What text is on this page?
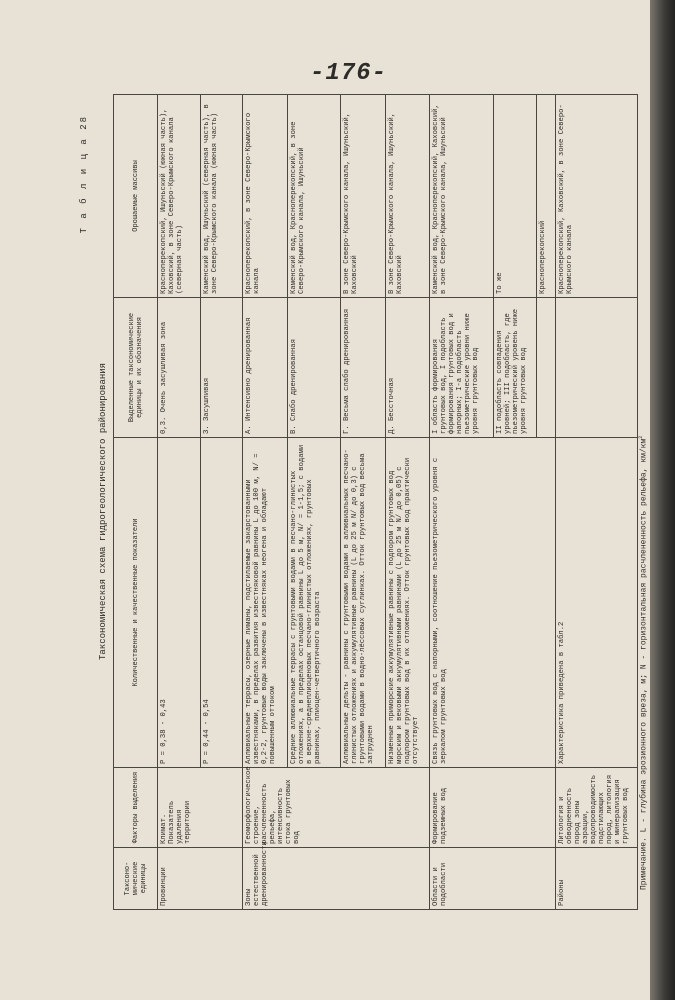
-176-
Т а б л и ц а 28
Таксономическая схема гидрогеологического районирования
Таксоно-мические единицы	Факторы выделения	Количественные и качественные показатели	Выделенные таксономические единицы и их обозначения	Орошаемые массивы
Провинции	Климат. Показатель удаления территории	P = 0,38 - 0,43	0,3. Очень засушливая зона	Красноперекопский, Ишуньский (южная часть), Каховский, в зоне Северо-Крымского канала (северная часть)
		P = 0,44 - 0,54	З. Засушливая	Каменский вод, Ишуньский (северная часть), в зоне Северо-Крымского канала (южная часть)
Зоны естественной дренированности	Геоморфологическое строение, расчлененность рельефа, интенсивность стока грунтовых вод	Аллювиальные террасы, озерные лиманы, подстилаемые закарстованными известняками, в пределах развития известняковой равнины L до 100 м, N/ = 0,2-2, грунтовые воды заключены в известняках неогена и обладают повышенным оттоком	А. Интенсивно дренированная	Красноперекопский, в зоне Северо-Крымского канала
		Средние аллювиальные террасы с грунтовыми водами в песчано-глинистых отложениях, а в пределах останцовой равнины L до 5 м, N/ = 1-1,5; с водами в верхне-среднеплиоценовых песчано-глинистых отложениях, грунтовых равнинах, плиоцен-четвертичного возраста	В. Слабо дренированная	Каменский вод, Красноперекопский, в зоне Северо-Крымского канала, Ишуньский
		Аллювиальные дельты - равнины с грунтовыми водами в аллювиальных песчано-глинистых отложениях и аккумулятивные равнины (L до 25 м N/ до 0,3) с грунтовыми водами в водно-лёссовых суглинках. Отток грунтовых вод весьма затруднен	Г. Весьма слабо дренированная	В зоне Северо-Крымского канала, Ишуньский, Каховский
		Низменные приморские аккумулятивные равнины с подпором грунтовых вод морским и вековыми аккумулятивными равнинами (L до 25 м N/ до 0,05) с подпором грунтовых вод в их отложениях. Отток грунтовых вод практически отсутствует	Д. Бессточная	В зоне Северо-Крымского канала, Ишуньский, Каховский
Области и подобласти	Формирование подземных вод	Связь грунтовых вод с напорными, соотношение пьезометрического уровня с зеркалом грунтовых вод	I область формирования грунтовых вод, I подобласть формирования грунтовых вод и напорных; I-а подобласть пьезометрические уровни ниже уровня грунтовых вод	Каменский вод, Красноперекопский, Каховский, в зоне Северо-Крымского канала, Ишуньский
			II подобласть совпадения уровней; III подобласть, где пьезометрический уровень ниже уровня грунтовых вод	То же
				Красноперекопский
Районы	Литология и обводненность пород зоны аэрации, водопроводимость подстилающих пород, литология и минерализация грунтовых вод	Характеристика приведена в табл.2		Красноперекопский, Каховский, в зоне Северо-Крымского канала
Примечание. L - глубина эрозионного вреза, м; N - горизонтальная расчлененность рельефа, $км/км^2$
